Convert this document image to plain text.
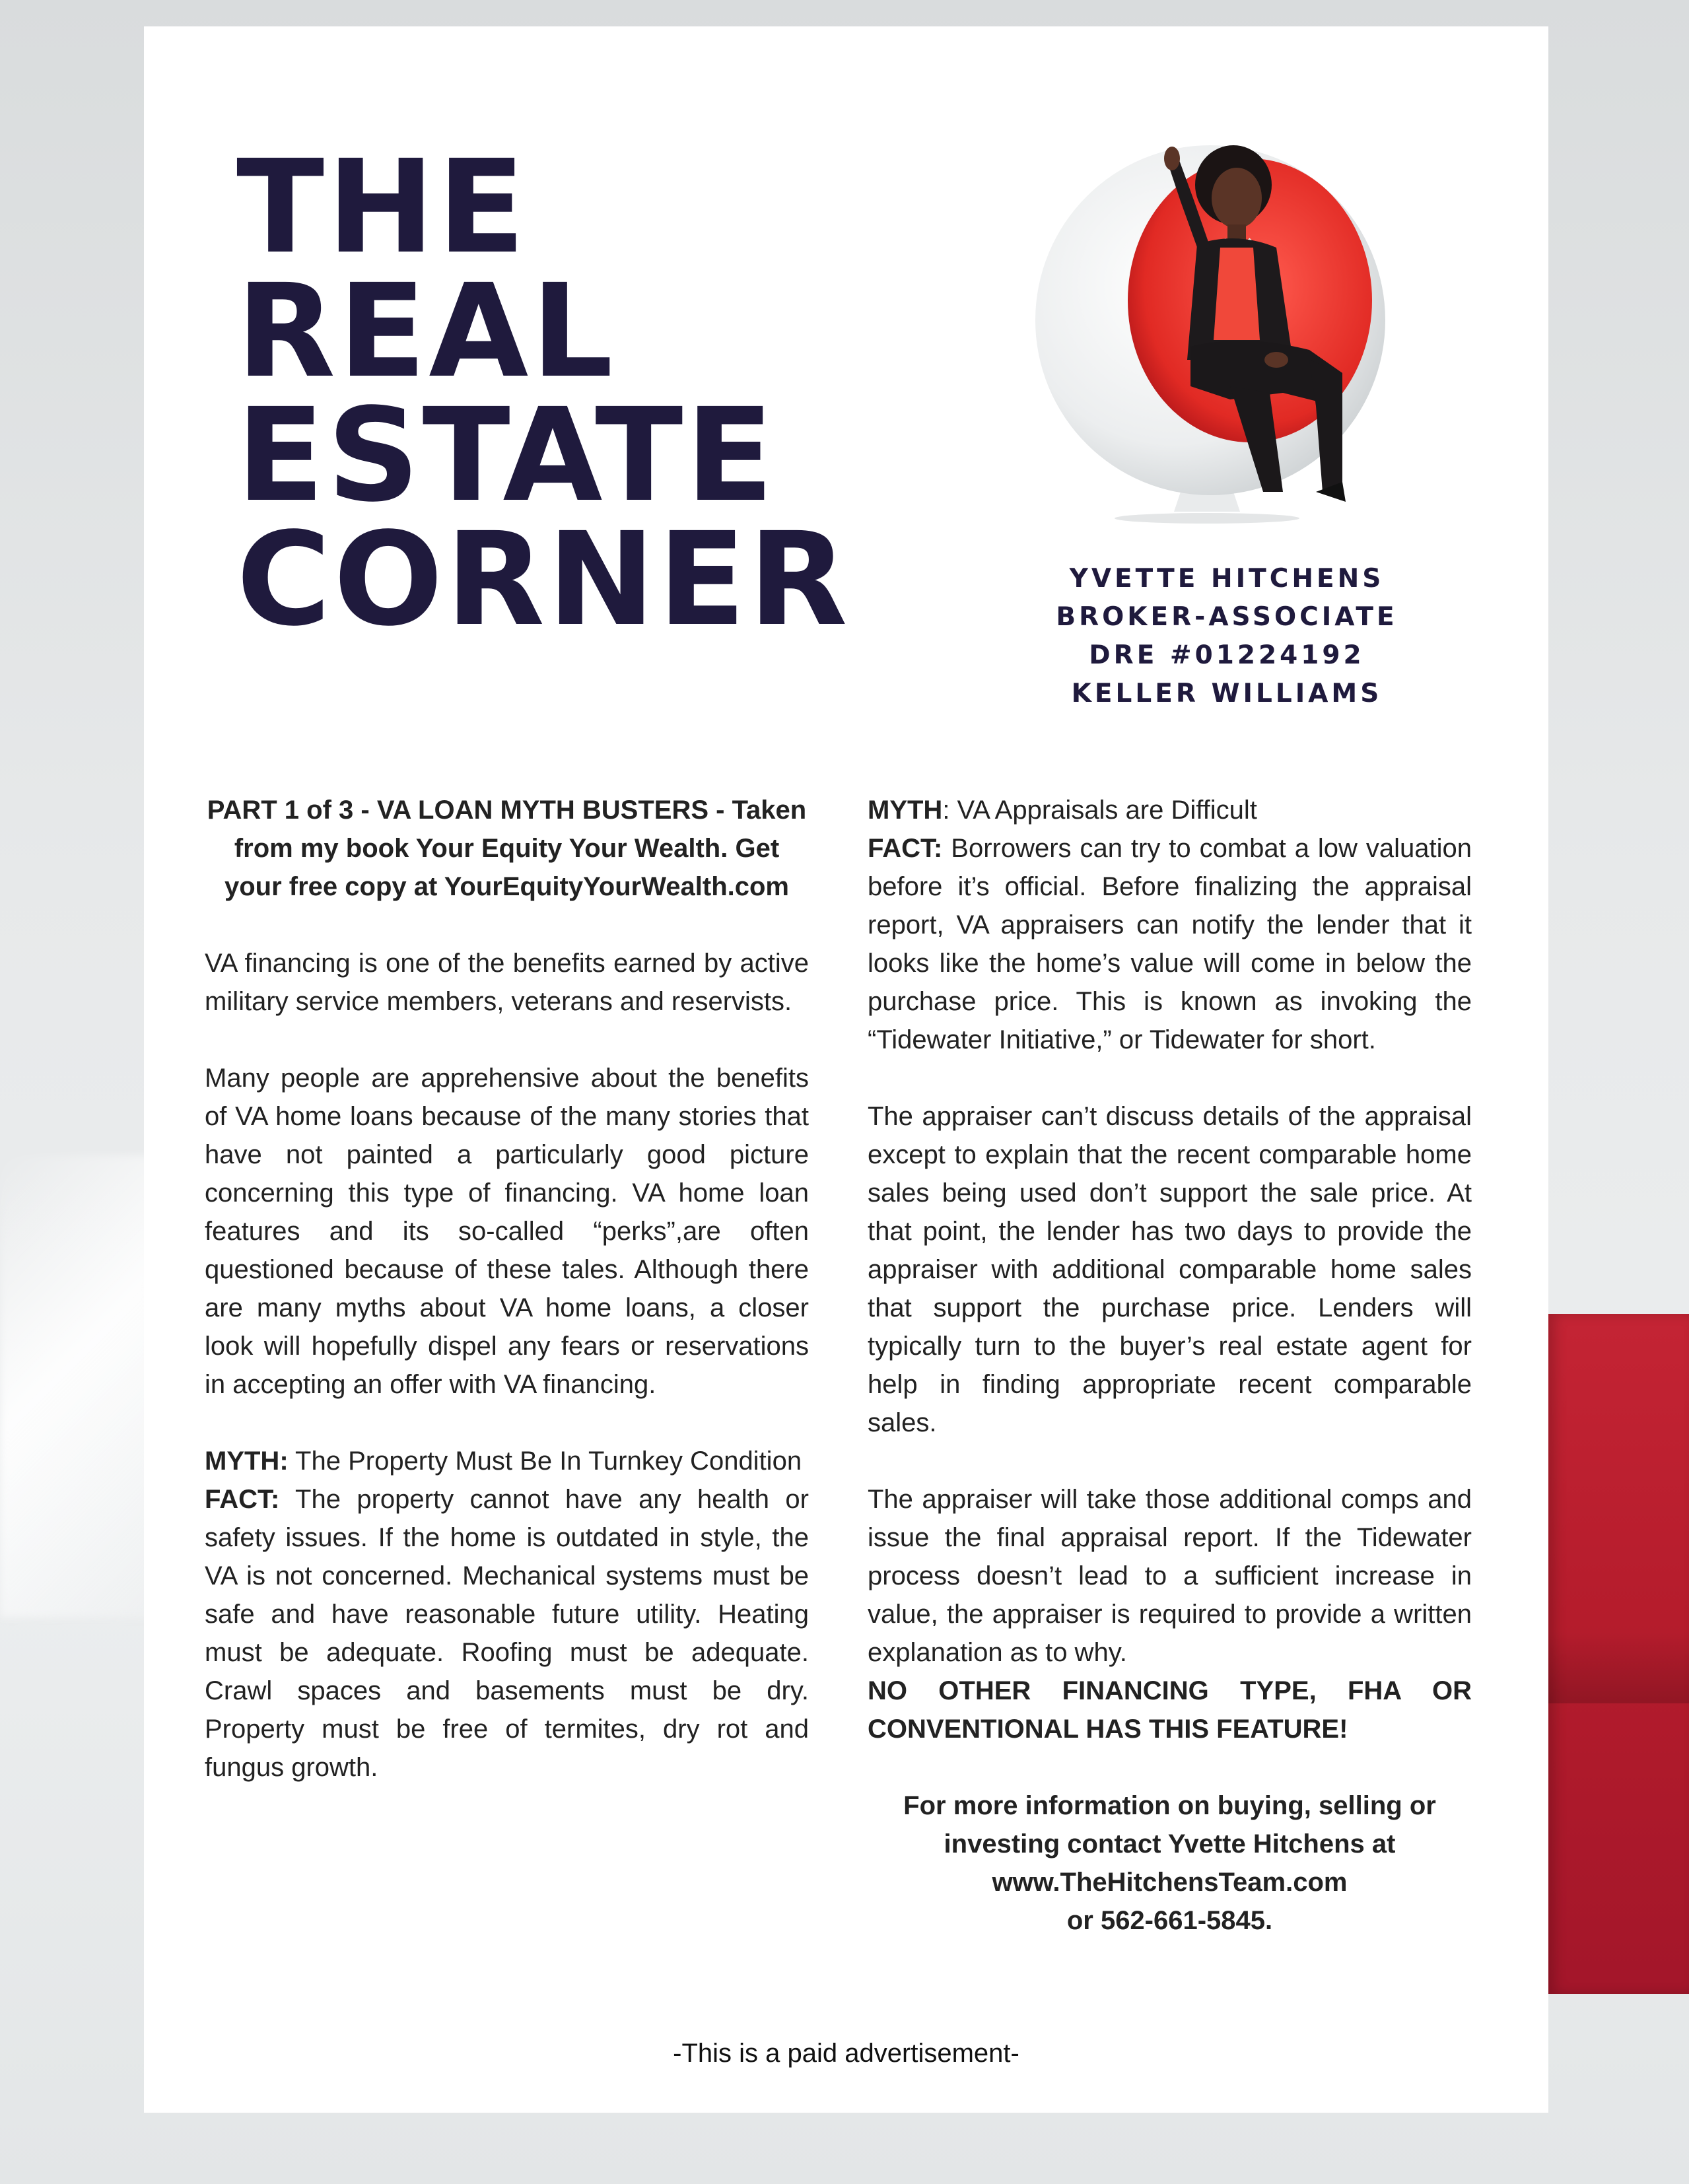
THE
REAL
ESTATE
CORNER	YVETTE HITCHENS
BROKER-ASSOCIATE
DRE #01224192
KELLER WILLIAMS

PART 1 of 3 - VA LOAN MYTH BUSTERS - Taken from my book Your Equity Your Wealth. Get your free copy at YourEquityYourWealth.com

VA financing is one of the benefits earned by active military service members, veterans and reservists.

Many people are apprehensive about the benefits of VA home loans because of the many stories that have not painted a particularly good picture concerning this type of financing. VA home loan features and its so-called “perks”,are often questioned because of these tales. Although there are many myths about VA home loans, a closer look will hopefully dispel any fears or reservations in accepting an offer with VA financing.

MYTH: The Property Must Be In Turnkey Condition

FACT: The property cannot have any health or safety issues. If the home is outdated in style, the VA is not concerned. Mechanical systems must be safe and have reasonable future utility. Heating must be adequate. Roofing must be adequate. Crawl spaces and basements must be dry. Property must be free of termites, dry rot and fungus growth.

MYTH: VA Appraisals are Difficult

FACT: Borrowers can try to combat a low valuation before it’s official. Before finalizing the appraisal report, VA appraisers can notify the lender that it looks like the home’s value will come in below the purchase price. This is known as invoking the “Tidewater Initiative,” or Tidewater for short.

The appraiser can’t discuss details of the appraisal except to explain that the recent comparable home sales being used don’t support the sale price. At that point, the lender has two days to provide the appraiser with additional comparable home sales that support the purchase price. Lenders will typically turn to the buyer’s real estate agent for help in finding appropriate recent comparable sales.

The appraiser will take those additional comps and issue the final appraisal report. If the Tidewater process doesn’t lead to a sufficient increase in value, the appraiser is required to provide a written explanation as to why.

NO OTHER FINANCING TYPE, FHA OR CONVENTIONAL HAS THIS FEATURE!

For more information on buying, selling or
investing contact Yvette Hitchens at
www.TheHitchensTeam.com
or 562-661-5845.
-This is a paid advertisement-
